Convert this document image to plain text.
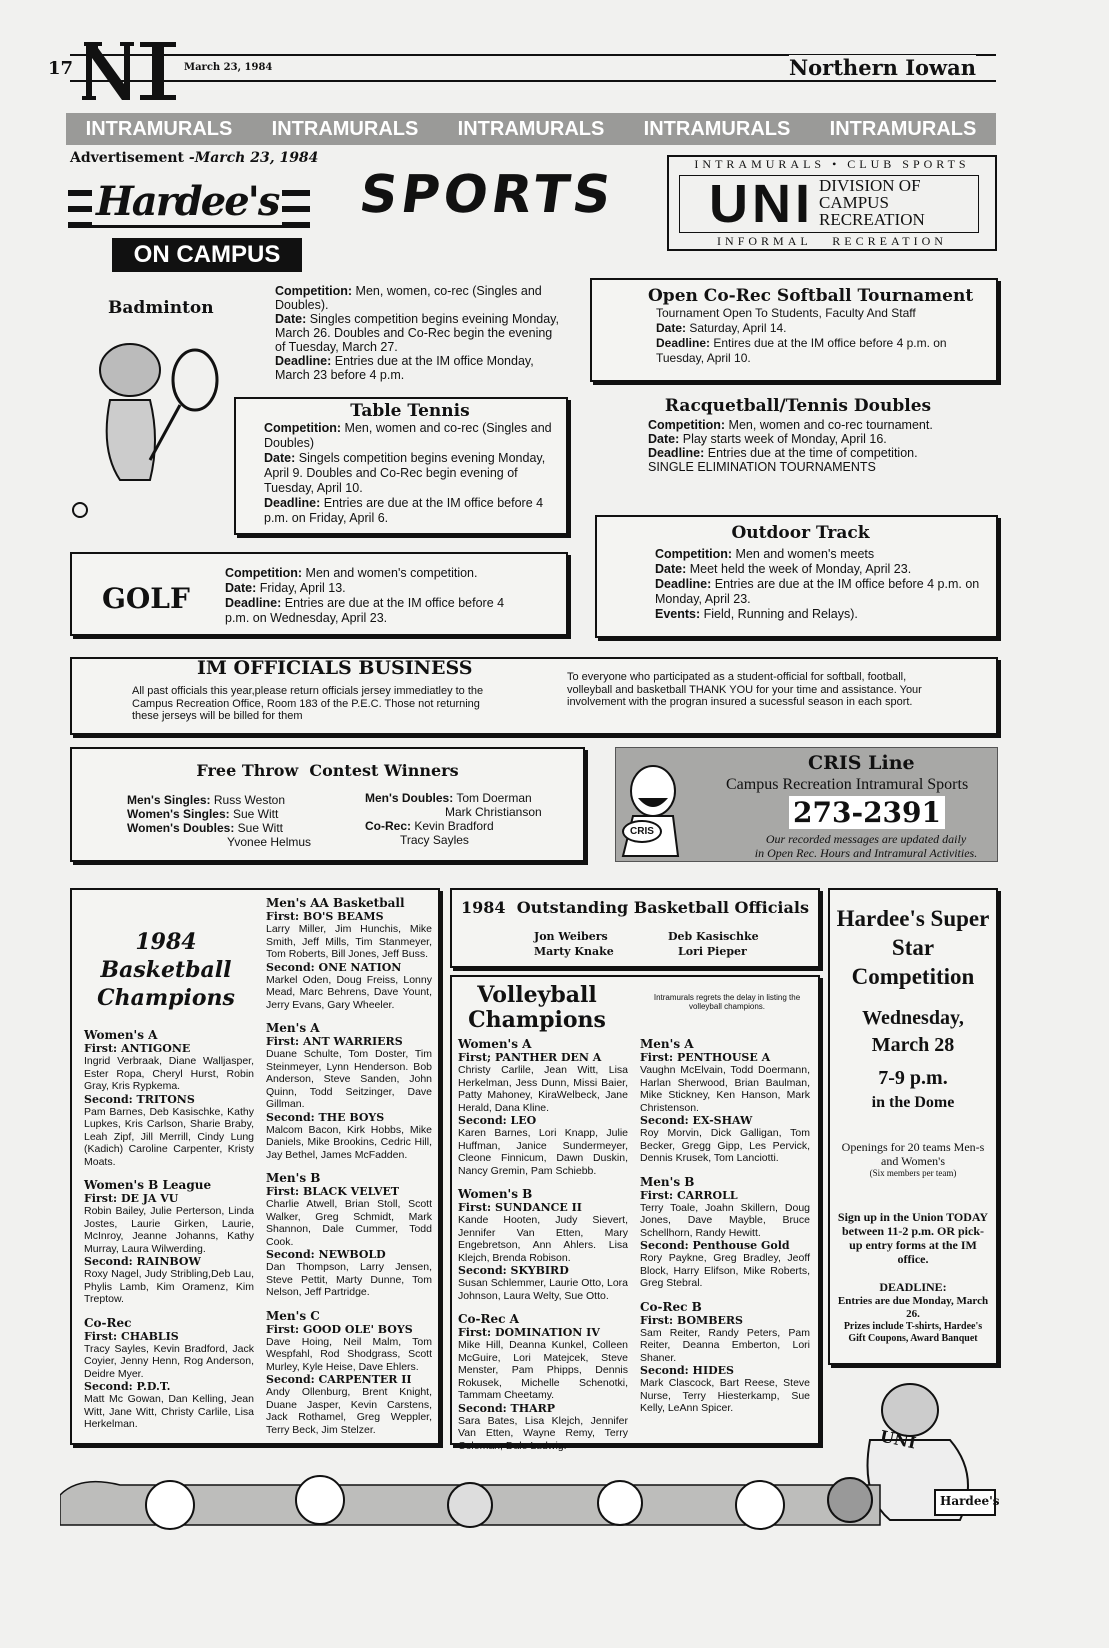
17	March 23, 1984	Northern Iowan
INTRAMURALS INTRAMURALS INTRAMURALS INTRAMURALS INTRAMURALS
Advertisement -March 23, 1984
Hardee's
ON CAMPUS
SPORTS
INTRAMURALS • CLUB SPORTS
UNI DIVISION OF
CAMPUS
RECREATION
INFORMAL   RECREATION
Badminton
Competition: Men, women, co-rec (Singles and Doubles).
Date: Singles competition begins eveining Monday, March 26. Doubles and Co-Rec begin the evening of Tuesday, March 27.
Deadline: Entries due at the IM office Monday, March 23 before 4 p.m.
Open Co-Rec Softball Tournament
Tournament Open To Students, Faculty And Staff
Date: Saturday, April 14.
Deadline: Entires due at the IM office before 4 p.m. on Tuesday, April 10.
Table Tennis
Competition: Men, women and co-rec (Singles and Doubles)
Date: Singels competition begins evening Monday, April 9. Doubles and Co-Rec begin evening of Tuesday, April 10.
Deadline: Entries are due at the IM office before 4 p.m. on Friday, April 6.
Racquetball/Tennis Doubles
Competition: Men, women and co-rec tournament.
Date: Play starts week of Monday, April 16.
Deadline: Entries due at the time of competition.
SINGLE ELIMINATION TOURNAMENTS
GOLF
Competition: Men and women's competition.
Date: Friday, April 13.
Deadline: Entries are due at the IM office before 4 p.m. on Wednesday, April 23.
Outdoor Track
Competition: Men and women's meets
Date: Meet held the week of Monday, April 23.
Deadline: Entries are due at the IM office before 4 p.m. on Monday, April 23.
Events: Field, Running and Relays).
IM OFFICIALS BUSINESS
All past officials this year,please return officials jersey immediatley to the Campus Recreation Office, Room 183 of the P.E.C. Those not returning these jerseys will be billed for them
To everyone who participated as a student-official for softball, football, volleyball and basketball THANK YOU for your time and assistance. Your involvement with the progran insured a sucessful season in each sport.
Free Throw  Contest Winners
Men's Singles: Russ Weston
Women's Singles: Sue Witt
Women's Doubles: Sue Witt
Yvonee Helmus
Men's Doubles: Tom Doerman
Mark Christianson
Co-Rec: Kevin Bradford
Tracy Sayles
CRIS
CRIS Line
Campus Recreation Intramural Sports
273-2391
Our recorded messages are updated daily
in Open Rec. Hours and Intramural Activities.
1984 Basketball Champions
Women's A
First: ANTIGONE
Ingrid Verbraak, Diane Walljasper, Ester Ropa, Cheryl Hurst, Robin Gray, Kris Rypkema.
Second: TRITONS
Pam Barnes, Deb Kasischke, Kathy Lupkes, Kris Carlson, Sharie Braby, Leah Zipf, Jill Merrill, Cindy Lung (Kadich) Caroline Carpenter, Kristy Moats.
Women's B League
First: DE JA VU
Robin Bailey, Julie Perterson, Linda Jostes, Laurie Girken, Laurie, McInroy, Jeanne Johanns, Kathy Murray, Laura Wilwerding.
Second: RAINBOW
Roxy Nagel, Judy Stribling,Deb Lau, Phylis Lamb, Kim Oramenz, Kim Treptow.
Co-Rec
First: CHABLIS
Tracy Sayles, Kevin Bradford, Jack Coyier, Jenny Henn, Rog Anderson, Deidre Myer.
Second: P.D.T.
Matt Mc Gowan, Dan Kelling, Jean Witt, Jane Witt, Christy Carlile, Lisa Herkelman.
Men's AA Basketball
First: BO'S BEAMS
Larry Miller, Jim Hunchis, Mike Smith, Jeff Mills, Tim Stanmeyer, Tom Roberts, Bill Jones, Jeff Buss.
Second: ONE NATION
Markel Oden, Doug Freiss, Lonny Mead, Marc Behrens, Dave Yount, Jerry Evans, Gary Wheeler.
Men's A
First: ANT WARRIERS
Duane Schulte, Tom Doster, Tim Steinmeyer, Lynn Henderson. Bob Anderson, Steve Sanden, John Quinn, Todd Seitzinger, Dave Gillman.
Second: THE BOYS
Malcom Bacon, Kirk Hobbs, Mike Daniels, Mike Brookins, Cedric Hill, Jay Bethel, James McFadden.
Men's B
First: BLACK VELVET
Charlie Atwell, Brian Stoll, Scott Walker, Greg Schmidt, Mark Shannon, Dale Cummer, Todd Cook.
Second: NEWBOLD
Dan Thompson, Larry Jensen, Steve Pettit, Marty Dunne, Tom Nelson, Jeff Partridge.
Men's C
First: GOOD OLE' BOYS
Dave Hoing, Neil Malm, Tom Wespfahl, Rod Shodgrass, Scott Murley, Kyle Heise, Dave Ehlers.
Second: CARPENTER II
Andy Ollenburg, Brent Knight, Duane Jasper, Kevin Carstens, Jack Rothamel, Greg Weppler, Terry Beck, Jim Stelzer.
1984  Outstanding Basketball Officials
Jon Weibers	Deb Kasischke
Marty Knake	Lori Pieper
Volleyball Champions
Intramurals regrets the delay in listing the volleyball champions.
Women's A
First; PANTHER DEN A
Christy Carlile, Jean Witt, Lisa Herkelman, Jess Dunn, Missi Baier, Patty Mahoney, KiraWelbeck, Jane Herald, Dana Kline.
Second: LEO
Karen Barnes, Lori Knapp, Julie Huffman, Janice Sundermeyer, Cleone Finnicum, Dawn Duskin, Nancy Gremin, Pam Schiebb.
Women's B
First: SUNDANCE II
Kande Hooten, Judy Sievert, Jennifer Van Etten, Mary Engebretson, Ann Ahlers. Lisa Klejch, Brenda Robison.
Second: SKYBIRD
Susan Schlemmer, Laurie Otto, Lora Johnson, Laura Welty, Sue Otto.
Co-Rec A
First: DOMINATION IV
Mike Hill, Deanna Kunkel, Colleen McGuire, Lori Matejcek, Steve Menster, Pam Phipps, Dennis Rokusek, Michelle Schenotki, Tammam Cheetamy.
Second: THARP
Sara Bates, Lisa Klejch, Jennifer Van Etten, Wayne Remy, Terry Coleman, Dale Ludwig.
Men's A
First: PENTHOUSE A
Vaughn McElvain, Todd Doermann, Harlan Sherwood, Brian Baulman, Mike Stickney, Ken Hanson, Mark Christenson.
Second: EX-SHAW
Roy Morvin, Dick Galligan, Tom Becker, Gregg Gipp, Les Pervick, Dennis Krusek, Tom Lanciotti.
Men's B
First: CARROLL
Terry Toale, Joahn Skillern, Doug Jones, Dave Mayble, Bruce Schellhorn, Randy Hewitt.
Second: Penthouse Gold
Rory Paykne, Greg Bradley, Jeoff Block, Harry Elifson, Mike Roberts, Greg Stebral.
Co-Rec B
First: BOMBERS
Sam Reiter, Randy Peters, Pam Reiter, Deanna Emberton, Lori Shaner.
Second: HIDES
Mark Clascock, Bart Reese, Steve Nurse, Terry Hiesterkamp, Sue Kelly, LeAnn Spicer.
Hardee's Super Star Competition
Wednesday, March 28
7-9 p.m.
in the Dome
Openings for 20 teams Men-s and Women's
(Six members per team)
Sign up in the Union TODAY between 11-2 p.m. OR pick-up entry forms at the IM office.
DEADLINE:
Entries are due Monday, March 26.
Prizes include T-shirts, Hardee's Gift Coupons, Award Banquet
UNI
Hardee's
